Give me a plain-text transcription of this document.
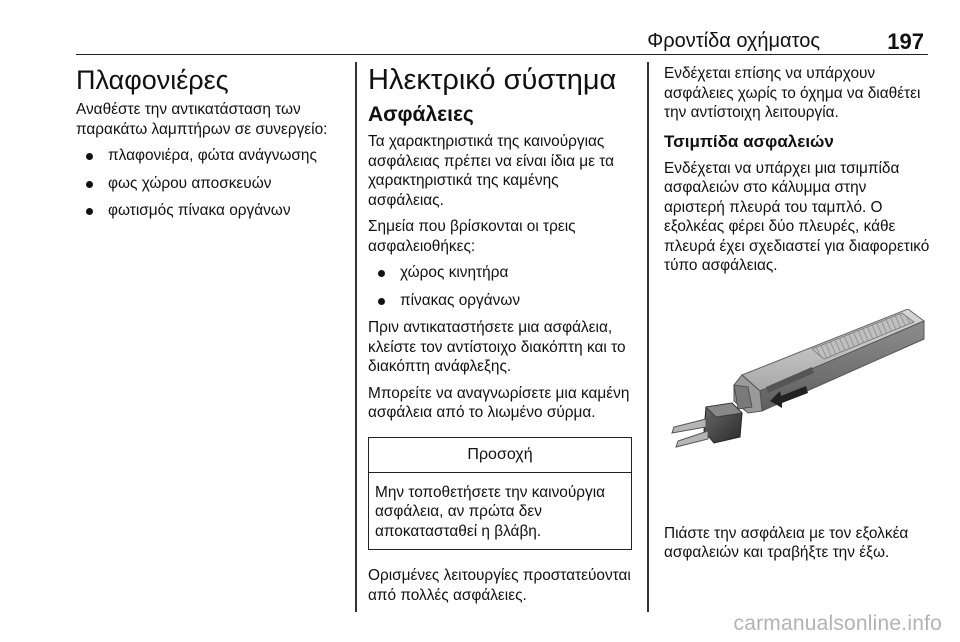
Φροντίδα οχήματος	197
Πλαφονιέρες

Αναθέστε την αντικατάσταση των παρακάτω λαμπτήρων σε συνεργείο:

πλαφονιέρα, φώτα ανάγνωσης
φως χώρου αποσκευών
φωτισμός πίνακα οργάνων
Ηλεκτρικό σύστημα
Ασφάλειες

Τα χαρακτηριστικά της καινούργιας ασφάλειας πρέπει να είναι ίδια με τα χαρακτηριστικά της καμένης ασφάλειας.

Σημεία που βρίσκονται οι τρεις ασφαλειοθήκες:

χώρος κινητήρα
πίνακας οργάνων

Πριν αντικαταστήσετε μια ασφάλεια, κλείστε τον αντίστοιχο διακόπτη και το διακόπτη ανάφλεξης.

Μπορείτε να αναγνωρίσετε μια καμένη ασφάλεια από το λιωμένο σύρμα.

Προσοχή

Μην τοποθετήσετε την καινούργια ασφάλεια, αν πρώτα δεν αποκατασταθεί η βλάβη.

Ορισμένες λειτουργίες προστατεύονται από πολλές ασφάλειες.

Ενδέχεται επίσης να υπάρχουν ασφάλειες χωρίς το όχημα να διαθέτει την αντίστοιχη λειτουργία.

Τσιμπίδα ασφαλειών

Ενδέχεται να υπάρχει μια τσιμπίδα ασφαλειών στο κάλυμμα στην αριστερή πλευρά του ταμπλό. Ο εξολκέας φέρει δύο πλευρές, κάθε πλευρά έχει σχεδιαστεί για διαφορετικό τύπο ασφάλειας.

Πιάστε την ασφάλεια με τον εξολκέα ασφαλειών και τραβήξτε την έξω.

carmanualsonline.info
